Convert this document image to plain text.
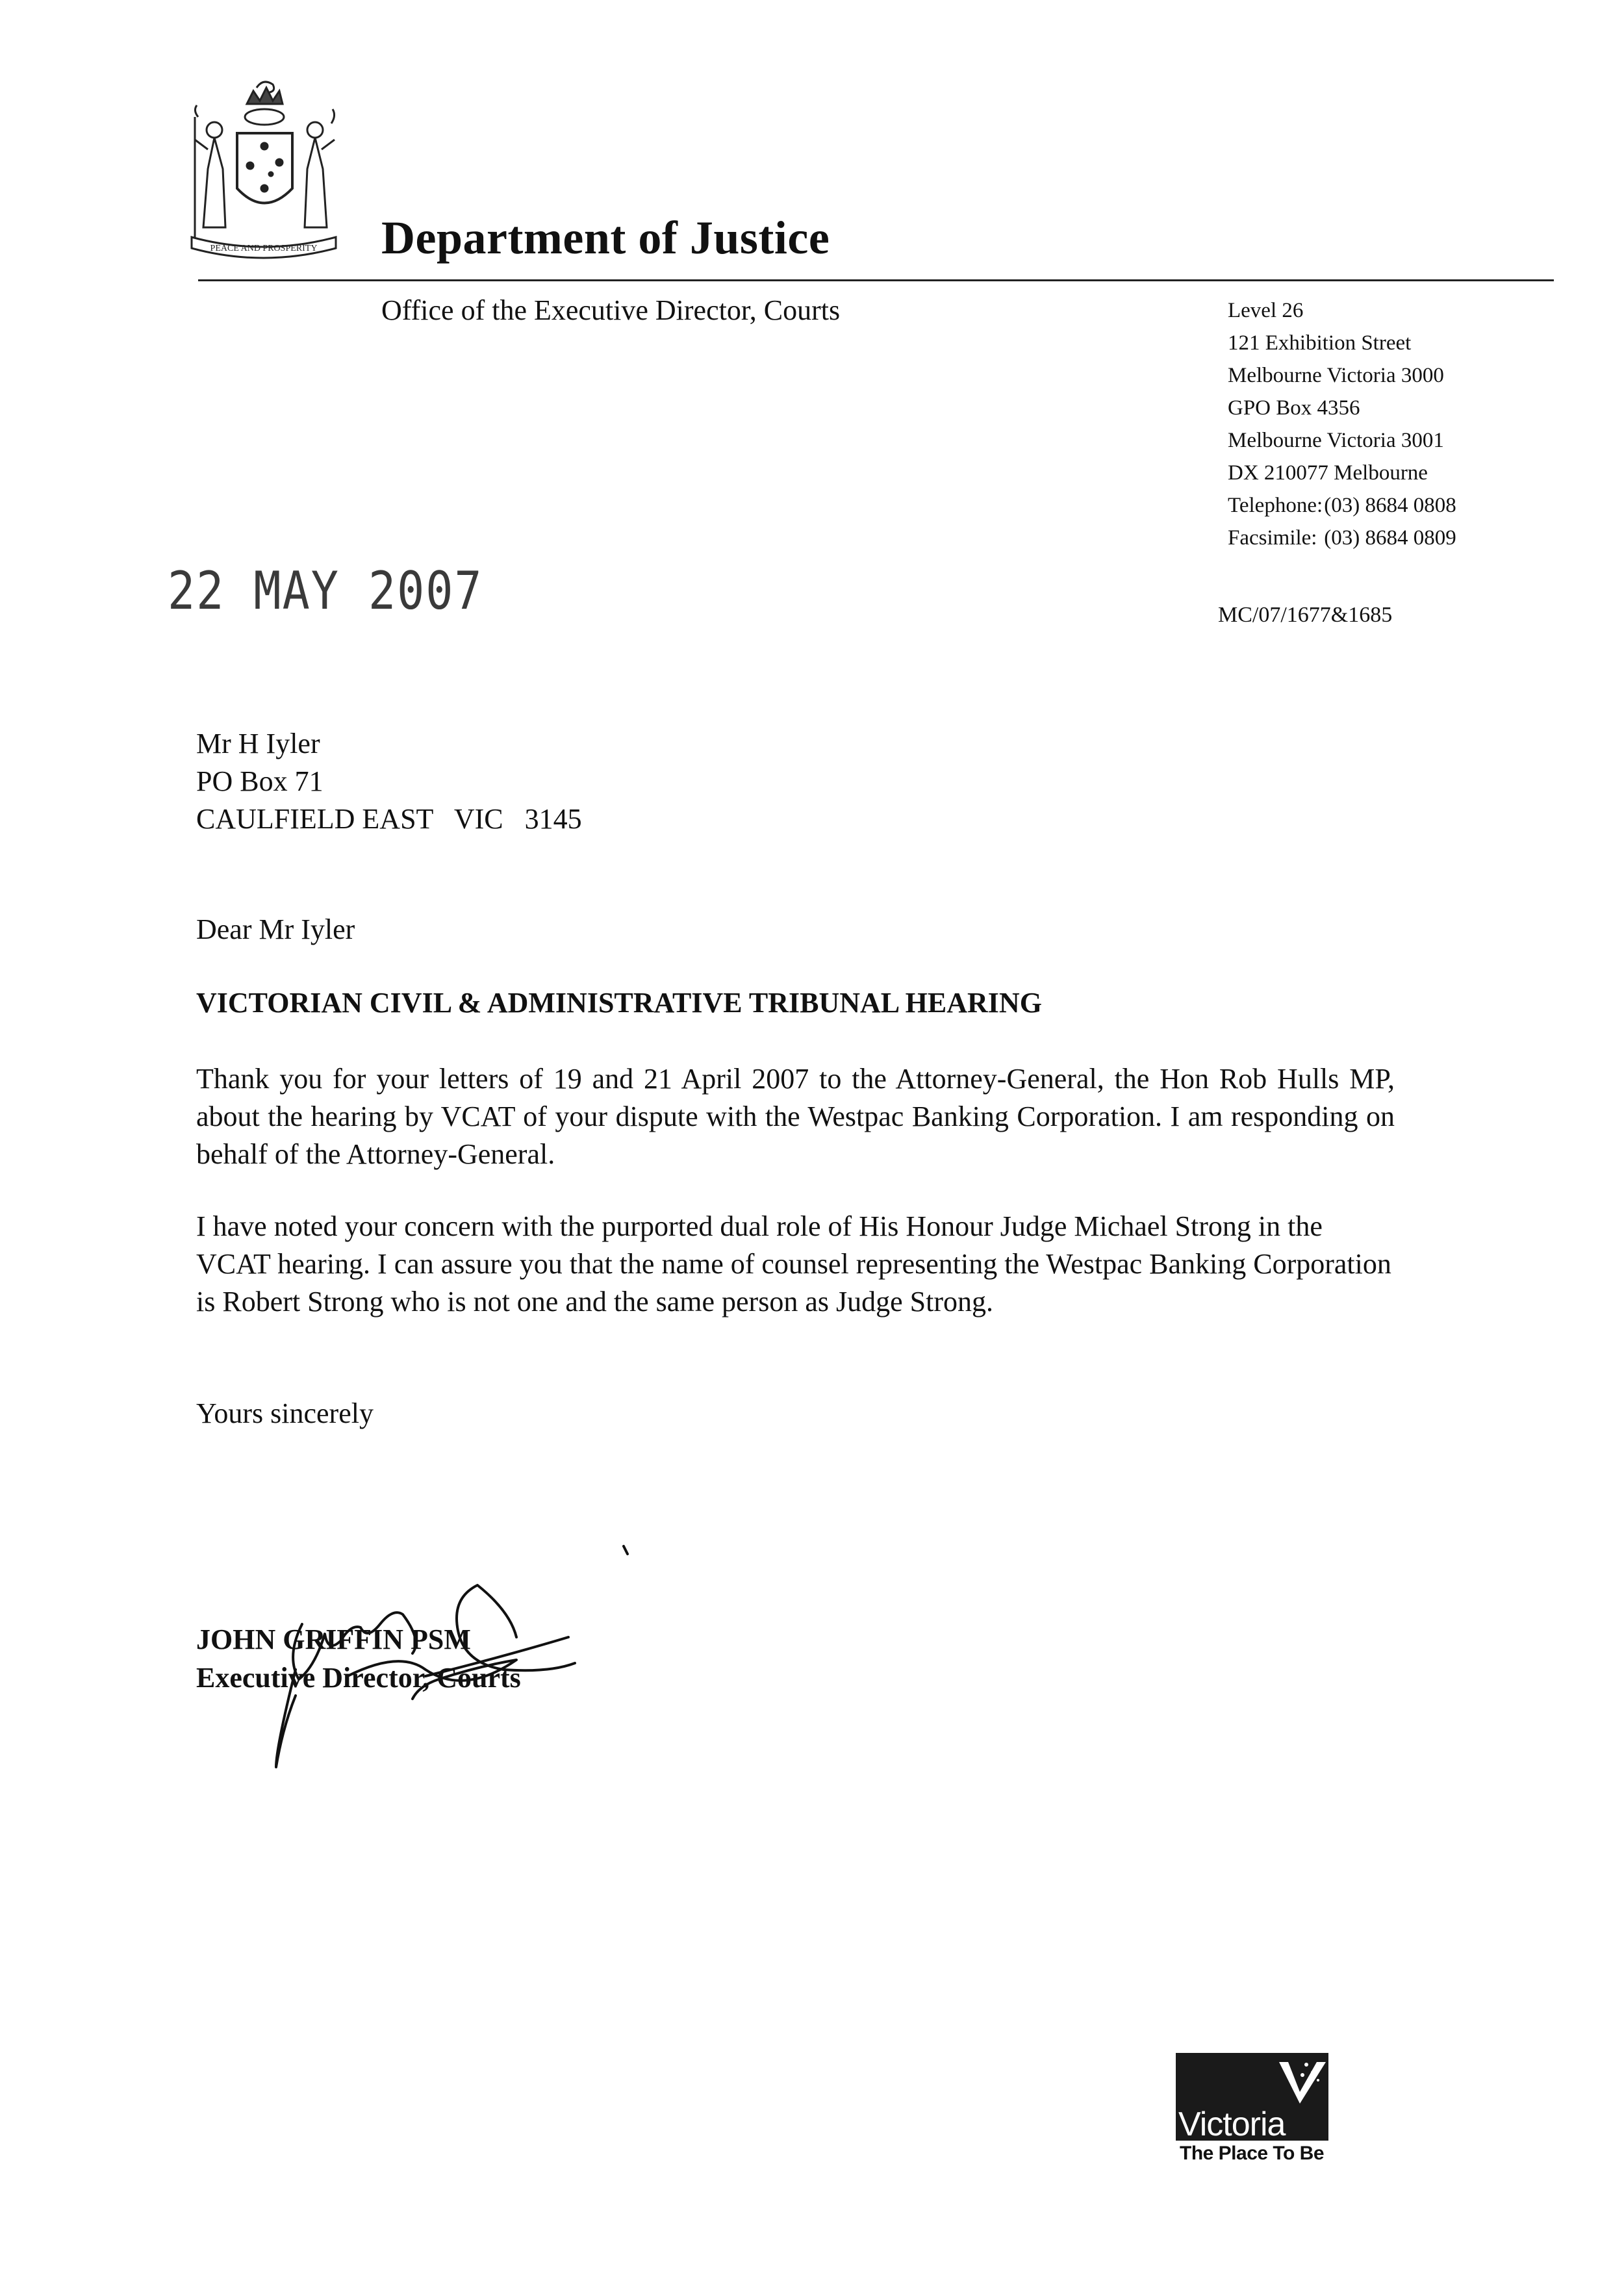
PEACE AND PROSPERITY Department of Justice
Office of the Executive Director, Courts	Level 26
121 Exhibition Street
Melbourne Victoria 3000
GPO Box 4356
Melbourne Victoria 3001
DX 210077 Melbourne
Telephone: (03) 8684 0808
Facsimile: (03) 8684 0809
22 MAY 2007	MC/07/1677&1685
Mr H Iyler
PO Box 71
CAULFIELD EAST   VIC   3145
Dear Mr Iyler
VICTORIAN CIVIL & ADMINISTRATIVE TRIBUNAL HEARING
Thank you for your letters of 19 and 21 April 2007 to the Attorney-General, the Hon Rob Hulls MP, about the hearing by VCAT of your dispute with the Westpac Banking Corporation. I am responding on behalf of the Attorney-General.
I have noted your concern with the purported dual role of His Honour Judge Michael Strong in the VCAT hearing. I can assure you that the name of counsel representing the Westpac Banking Corporation is Robert Strong who is not one and the same person as Judge Strong.
Yours sincerely
JOHN GRIFFIN PSM
Executive Director, Courts
Victoria
The Place To Be
